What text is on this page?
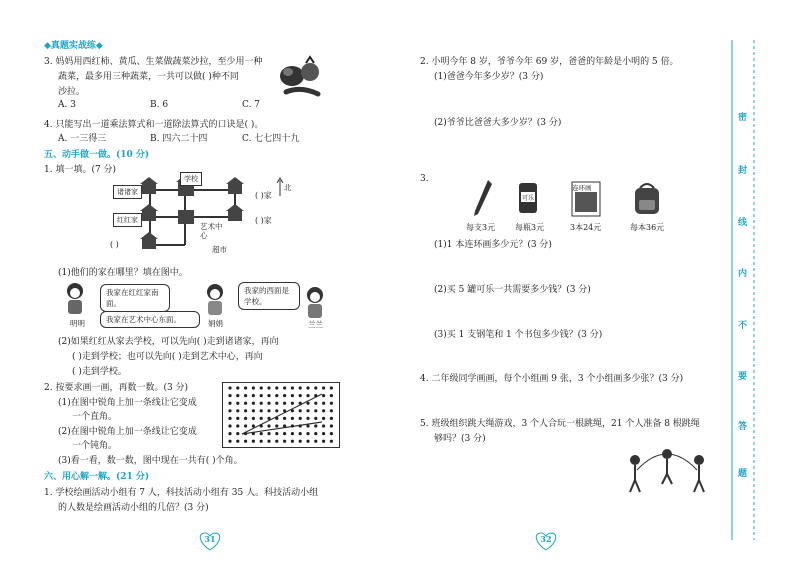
◆真题实战练◆
3. 妈妈用西红柿、黄瓜、生菜做蔬菜沙拉，至少用一种
蔬菜，最多用三种蔬菜，一共可以做( )种不同
沙拉。
A. 3	B. 6	C. 7
4. 只能写出一道乘法算式和一道除法算式的口诀是( )。
A. 一三得三	B. 四六二十四	C. 七七四十九
五、动手做一做。(10 分)
1. 填一填。(7 分)
诸诸家
学校
红红家
艺术中心
超市
北
( )家
( )家
( )
(1)他们的家在哪里？填在图中。
我家在红红家南面。
我家在艺术中心东面。
我家的西面是学校。
明明	娟娟	兰兰
(2)如果红红从家去学校，可以先向( )走到诸诸家，再向
( )走到学校；也可以先向( )走到艺术中心，再向
( )走到学校。
2. 按要求画一画，再数一数。(3 分)
(1)在图中锐角上加一条线让它变成
一个直角。
(2)在图中锐角上加一条线让它变成
一个钝角。
(3)看一看，数一数，图中现在一共有( )个角。
六、用心解一解。(21 分)
1. 学校绘画活动小组有 7 人，科技活动小组有 35 人。科技活动小组
的人数是绘画活动小组的几倍？(3 分)
31
2. 小明今年 8 岁，爷爷今年 69 岁，爸爸的年龄是小明的 5 倍。
(1)爸爸今年多少岁？(3 分)
(2)爷爷比爸爸大多少岁？(3 分)
3.
可乐
连环画
每支3元 每瓶3元	3本24元	每本36元
(1)1 本连环画多少元？(3 分)
(2)买 5 罐可乐一共需要多少钱？(3 分)
(3)买 1 支钢笔和 1 个书包多少钱？(3 分)
4. 二年级同学画画，每个小组画 9 张，3 个小组画多少张？(3 分)
5. 班级组织跳大绳游戏，3 个人合玩一根跳绳，21 个人准备 8 根跳绳
够吗？(3 分)
32
密
封
线
内
不
要
答
题
